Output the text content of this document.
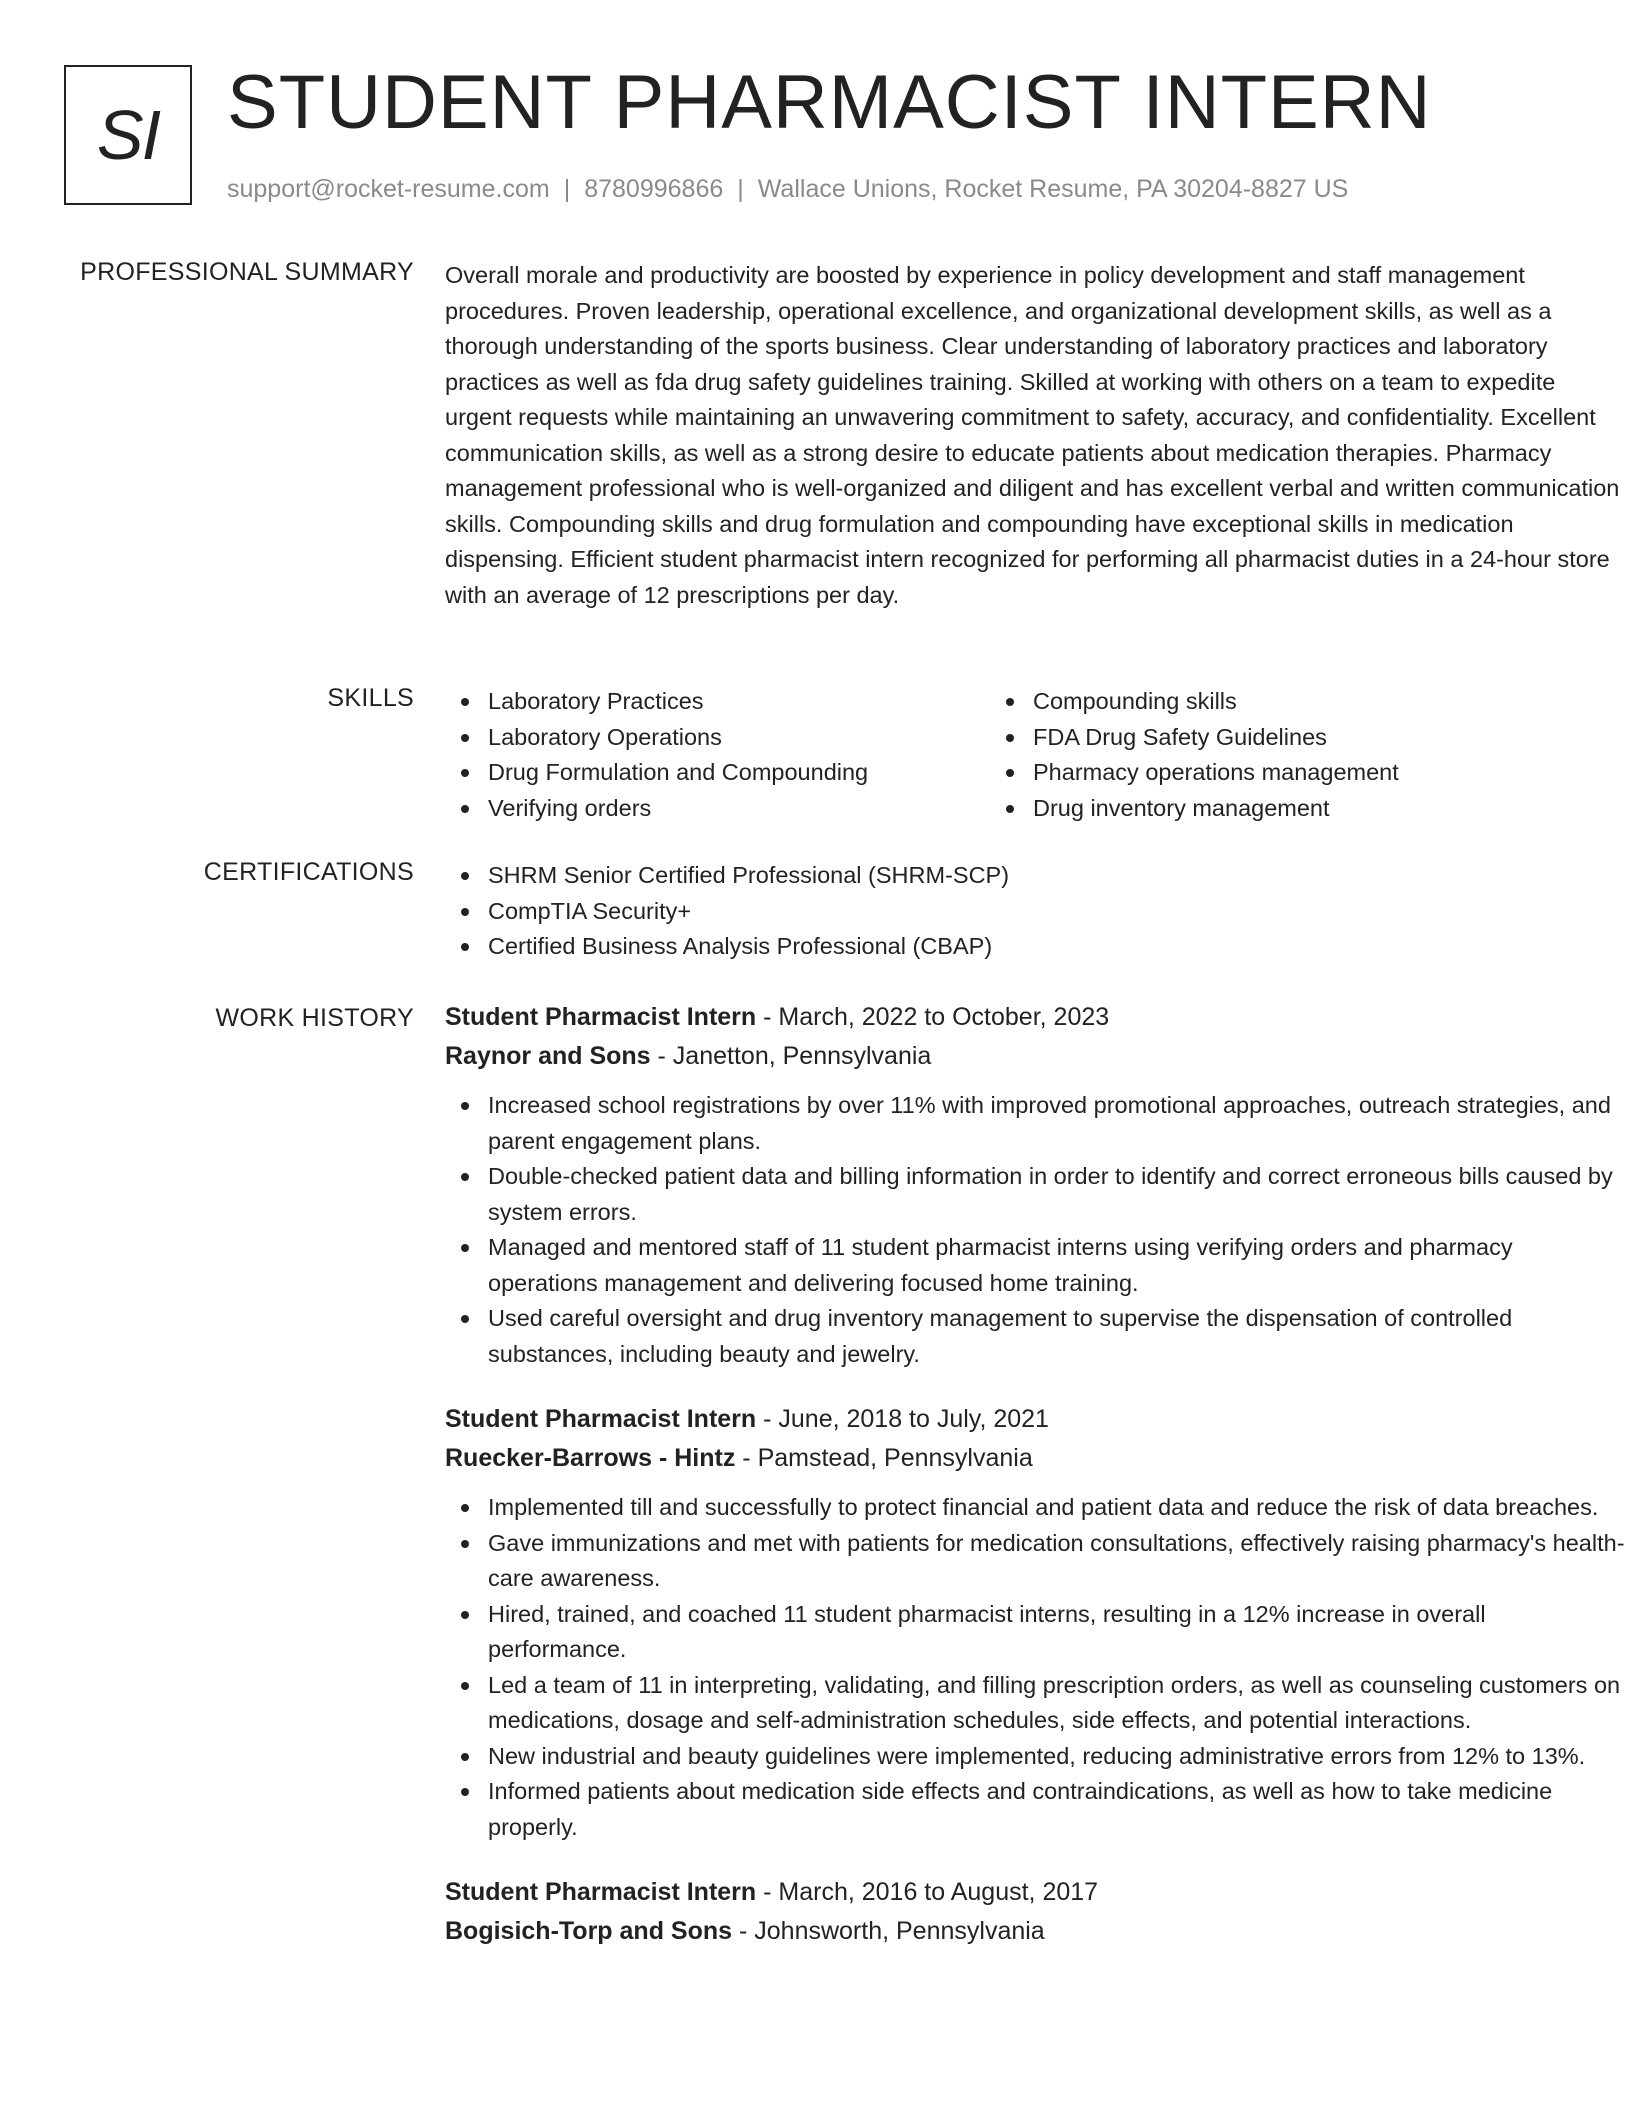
SI STUDENT PHARMACIST INTERN
support@rocket-resume.com | 8780996866 | Wallace Unions, Rocket Resume, PA 30204-8827 US
PROFESSIONAL SUMMARY Overall morale and productivity are boosted by experience in policy development and staff management procedures. Proven leadership, operational excellence, and organizational development skills, as well as a thorough understanding of the sports business. Clear understanding of laboratory practices and laboratory practices as well as fda drug safety guidelines training. Skilled at working with others on a team to expedite urgent requests while maintaining an unwavering commitment to safety, accuracy, and confidentiality. Excellent communication skills, as well as a strong desire to educate patients about medication therapies. Pharmacy management professional who is well-organized and diligent and has excellent verbal and written communication skills. Compounding skills and drug formulation and compounding have exceptional skills in medication dispensing. Efficient student pharmacist intern recognized for performing all pharmacist duties in a 24-hour store with an average of 12 prescriptions per day.

SKILLS	Laboratory Practices
Laboratory Operations
Drug Formulation and Compounding
Verifying orders
Compounding skills
FDA Drug Safety Guidelines
Pharmacy operations management
Drug inventory management
CERTIFICATIONS	SHRM Senior Certified Professional (SHRM-SCP)
CompTIA Security+
Certified Business Analysis Professional (CBAP)
WORK HISTORY Student Pharmacist Intern - March, 2022 to October, 2023
Raynor and Sons - Janetton, Pennsylvania
Increased school registrations by over 11% with improved promotional approaches, outreach strategies, and parent engagement plans.
Double-checked patient data and billing information in order to identify and correct erroneous bills caused by system errors.
Managed and mentored staff of 11 student pharmacist interns using verifying orders and pharmacy operations management and delivering focused home training.
Used careful oversight and drug inventory management to supervise the dispensation of controlled substances, including beauty and jewelry.
Student Pharmacist Intern - June, 2018 to July, 2021
Ruecker-Barrows - Hintz - Pamstead, Pennsylvania
Implemented till and successfully to protect financial and patient data and reduce the risk of data breaches.
Gave immunizations and met with patients for medication consultations, effectively raising pharmacy's health-care awareness.
Hired, trained, and coached 11 student pharmacist interns, resulting in a 12% increase in overall performance.
Led a team of 11 in interpreting, validating, and filling prescription orders, as well as counseling customers on medications, dosage and self-administration schedules, side effects, and potential interactions.
New industrial and beauty guidelines were implemented, reducing administrative errors from 12% to 13%.
Informed patients about medication side effects and contraindications, as well as how to take medicine properly.
Student Pharmacist Intern - March, 2016 to August, 2017
Bogisich-Torp and Sons - Johnsworth, Pennsylvania
